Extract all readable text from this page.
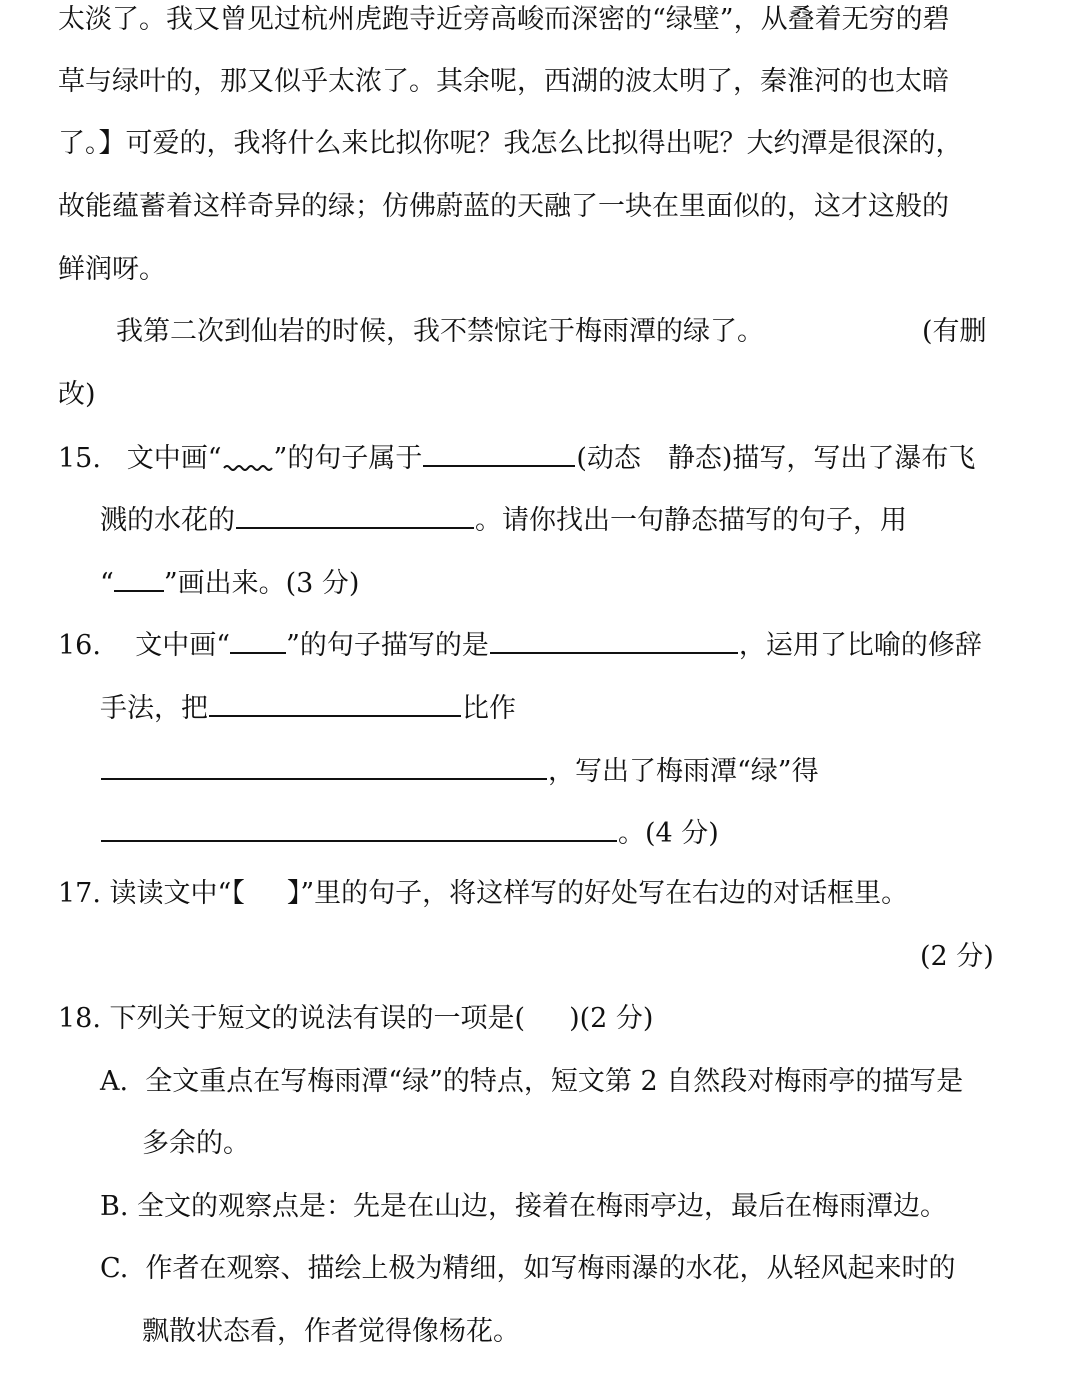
太淡了。我又曾见过杭州虎跑寺近旁高峻而深密的“绿壁”，从叠着无穷的碧
草与绿叶的，那又似乎太浓了。其余呢，西湖的波太明了，秦淮河的也太暗
了。】可爱的，我将什么来比拟你呢？我怎么比拟得出呢？大约潭是很深的，
故能蕴蓄着这样奇异的绿；仿佛蔚蓝的天融了一块在里面似的，这才这般的
鲜润呀。
我第二次到仙岩的时候，我不禁惊诧于梅雨潭的绿了。	(有删
改)
15. 文中画“ ”的句子属于	(动态　静态)描写，写出了瀑布飞
溅的水花的	。请你找出一句静态描写的句子，用
“ ”画出来。(3 分)
16. 文中画“ ”的句子描写的是	，运用了比喻的修辞
手法，把	比作
，写出了梅雨潭“绿”得
。(4 分)
17. 读读文中“【 】”里的句子，将这样写的好处写在右边的对话框里。
(2 分)
18. 下列关于短文的说法有误的一项是( )(2 分)
A. 全文重点在写梅雨潭“绿”的特点，短文第 2 自然段对梅雨亭的描写是
多余的。
B. 全文的观察点是：先是在山边，接着在梅雨亭边，最后在梅雨潭边。
C. 作者在观察、描绘上极为精细，如写梅雨瀑的水花，从轻风起来时的
飘散状态看，作者觉得像杨花。
